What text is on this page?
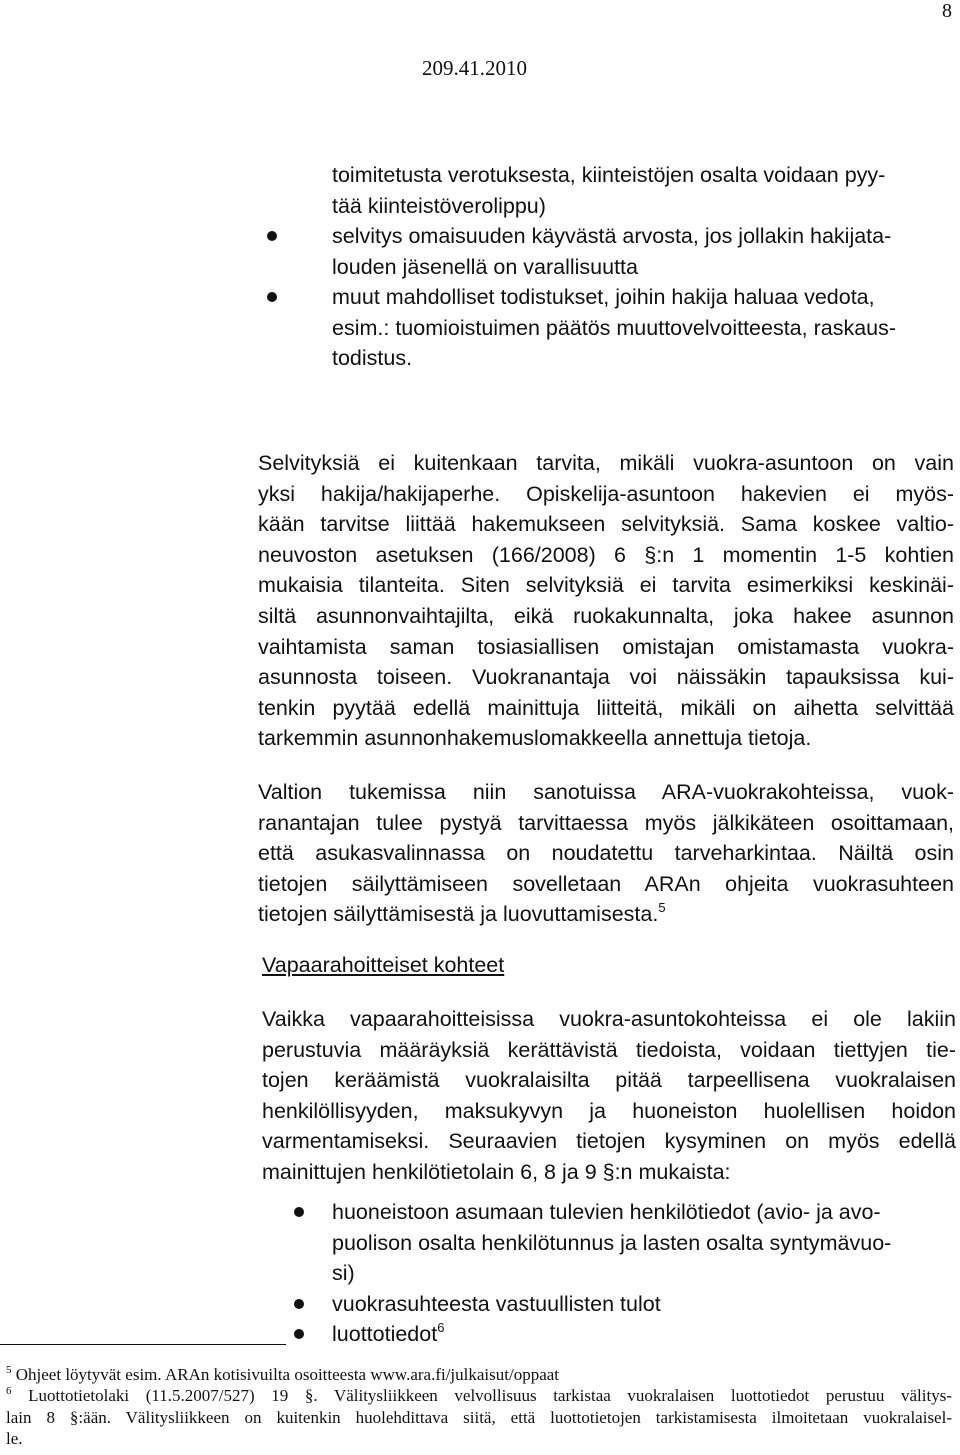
8
209.41.2010
toimitetusta verotuksesta, kiinteistöjen osalta voidaan pyy-
tää kiinteistöverolippu)
selvitys omaisuuden käyvästä arvosta, jos jollakin hakijata-
louden jäsenellä on varallisuutta
muut mahdolliset todistukset, joihin hakija haluaa vedota,
esim.: tuomioistuimen päätös muuttovelvoitteesta, raskaus-
todistus.
Selvityksiä ei kuitenkaan tarvita, mikäli vuokra-asuntoon on vain
yksi hakija/hakijaperhe. Opiskelija-asuntoon hakevien ei myös-
kään tarvitse liittää hakemukseen selvityksiä. Sama koskee valtio-
neuvoston asetuksen (166/2008) 6 §:n 1 momentin 1-5 kohtien
mukaisia tilanteita. Siten selvityksiä ei tarvita esimerkiksi keskinäi-
siltä asunnonvaihtajilta, eikä ruokakunnalta, joka hakee asunnon
vaihtamista saman tosiasiallisen omistajan omistamasta vuokra-
asunnosta toiseen. Vuokranantaja voi näissäkin tapauksissa kui-
tenkin pyytää edellä mainittuja liitteitä, mikäli on aihetta selvittää
tarkemmin asunnonhakemuslomakkeella annettuja tietoja.
Valtion tukemissa niin sanotuissa ARA-vuokrakohteissa, vuok-
ranantajan tulee pystyä tarvittaessa myös jälkikäteen osoittamaan,
että asukasvalinnassa on noudatettu tarveharkintaa. Näiltä osin
tietojen säilyttämiseen sovelletaan ARAn ohjeita vuokrasuhteen
tietojen säilyttämisestä ja luovuttamisesta.$^5$
Vapaarahoitteiset kohteet
Vaikka vapaarahoitteisissa vuokra-asuntokohteissa ei ole lakiin
perustuvia määräyksiä kerättävistä tiedoista, voidaan tiettyjen tie-
tojen keräämistä vuokralaisilta pitää tarpeellisena vuokralaisen
henkilöllisyyden, maksukyvyn ja huoneiston huolellisen hoidon
varmentamiseksi. Seuraavien tietojen kysyminen on myös edellä
mainittujen henkilötietolain 6, 8 ja 9 §:n mukaista:
huoneistoon asumaan tulevien henkilötiedot (avio- ja avo-
puolison osalta henkilötunnus ja lasten osalta syntymävuo-
si)
vuokrasuhteesta vastuullisten tulot
luottotiedot$^6$
$^5$ Ohjeet löytyvät esim. ARAn kotisivuilta osoitteesta www.ara.fi/julkaisut/oppaat
$^6$ Luottotietolaki (11.5.2007/527) 19 §. Välitysliikkeen velvollisuus tarkistaa vuokralaisen luottotiedot perustuu välitys-
lain 8 §:ään. Välitysliikkeen on kuitenkin huolehdittava siitä, että luottotietojen tarkistamisesta ilmoitetaan vuokralaisel-
le.
